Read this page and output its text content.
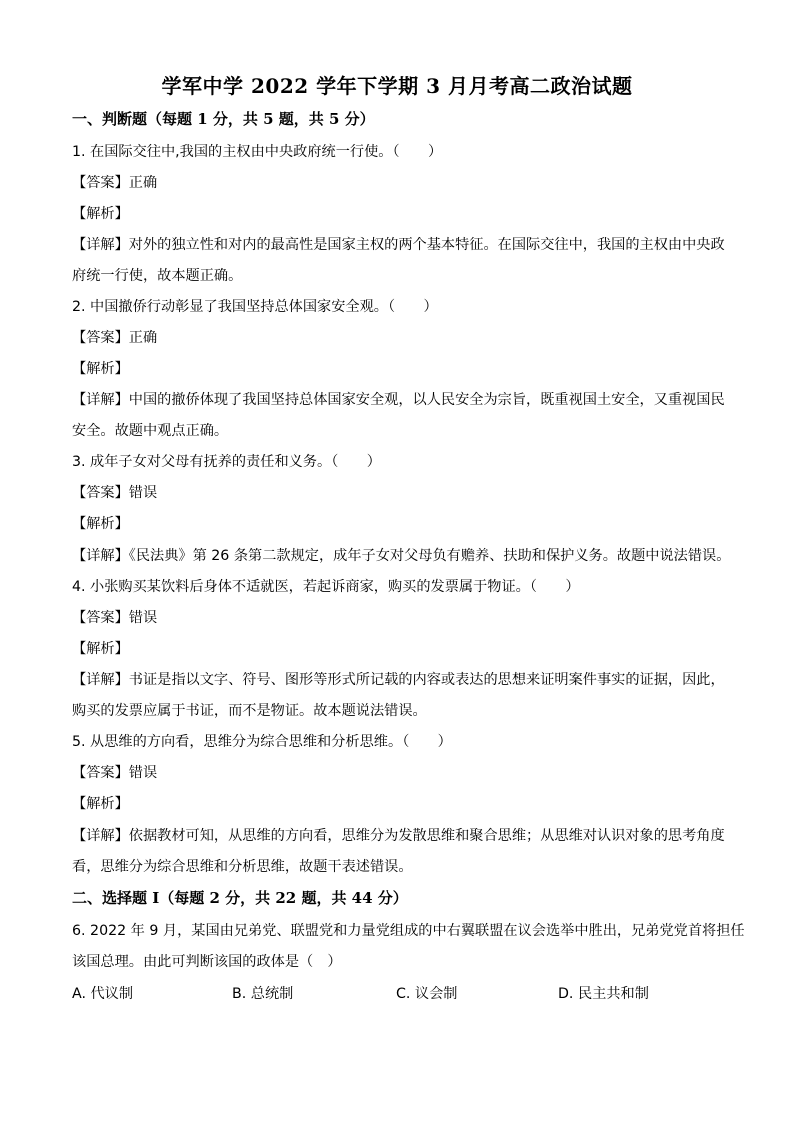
学军中学 2022 学年下学期 3 月月考高二政治试题
一、判断题（每题 1 分，共 5 题，共 5 分）
1. 在国际交往中,我国的主权由中央政府统一行使。（　　）
【答案】正确
【解析】
【详解】对外的独立性和对内的最高性是国家主权的两个基本特征。在国际交往中，我国的主权由中央政
府统一行使，故本题正确。
2. 中国撤侨行动彰显了我国坚持总体国家安全观。（　　）
【答案】正确
【解析】
【详解】中国的撤侨体现了我国坚持总体国家安全观，以人民安全为宗旨，既重视国土安全，又重视国民
安全。故题中观点正确。
3. 成年子女对父母有抚养的责任和义务。（　　）
【答案】错误
【解析】
【详解】《民法典》第 26 条第二款规定，成年子女对父母负有赡养、扶助和保护义务。故题中说法错误。
4. 小张购买某饮料后身体不适就医，若起诉商家，购买的发票属于物证。（　　）
【答案】错误
【解析】
【详解】书证是指以文字、符号、图形等形式所记载的内容或表达的思想来证明案件事实的证据，因此，
购买的发票应属于书证，而不是物证。故本题说法错误。
5. 从思维的方向看，思维分为综合思维和分析思维。（　　）
【答案】错误
【解析】
【详解】依据教材可知，从思维的方向看，思维分为发散思维和聚合思维；从思维对认识对象的思考角度
看，思维分为综合思维和分析思维，故题干表述错误。
二、选择题 I（每题 2 分，共 22 题，共 44 分）
6. 2022 年 9 月，某国由兄弟党、联盟党和力量党组成的中右翼联盟在议会选举中胜出，兄弟党党首将担任
该国总理。由此可判断该国的政体是（　）
A. 代议制	B. 总统制	C. 议会制	D. 民主共和制
